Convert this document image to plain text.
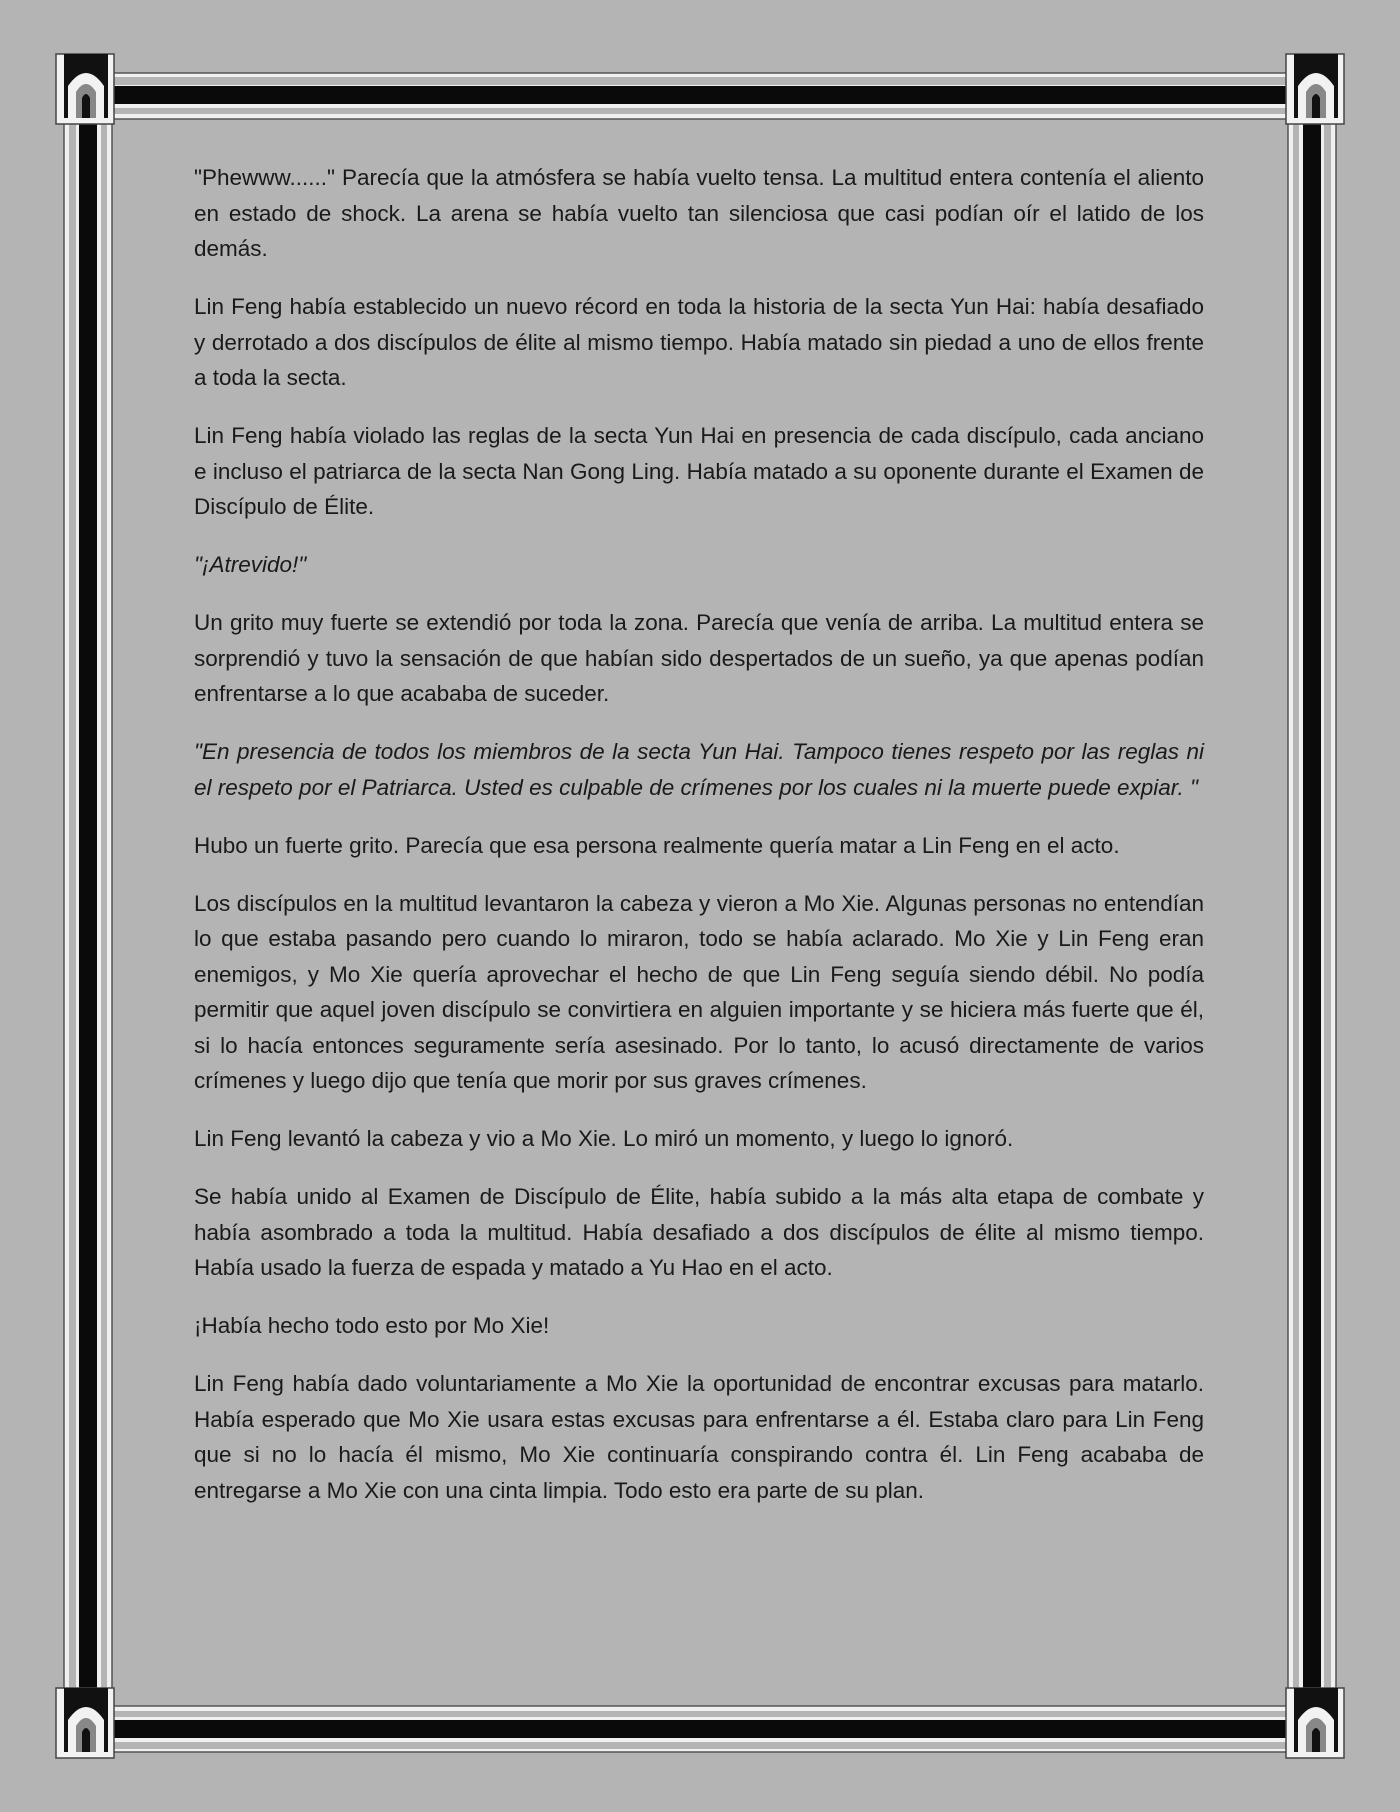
"Phewww......" Parecía que la atmósfera se había vuelto tensa. La multitud entera contenía el aliento en estado de shock. La arena se había vuelto tan silenciosa que casi podían oír el latido de los demás.

Lin Feng había establecido un nuevo récord en toda la historia de la secta Yun Hai: había desafiado y derrotado a dos discípulos de élite al mismo tiempo. Había matado sin piedad a uno de ellos frente a toda la secta.

Lin Feng había violado las reglas de la secta Yun Hai en presencia de cada discípulo, cada anciano e incluso el patriarca de la secta Nan Gong Ling. Había matado a su oponente durante el Examen de Discípulo de Élite.

"¡Atrevido!"

Un grito muy fuerte se extendió por toda la zona. Parecía que venía de arriba. La multitud entera se sorprendió y tuvo la sensación de que habían sido despertados de un sueño, ya que apenas podían enfrentarse a lo que acababa de suceder.

"En presencia de todos los miembros de la secta Yun Hai. Tampoco tienes respeto por las reglas ni el respeto por el Patriarca. Usted es culpable de crímenes por los cuales ni la muerte puede expiar. "

Hubo un fuerte grito. Parecía que esa persona realmente quería matar a Lin Feng en el acto.

Los discípulos en la multitud levantaron la cabeza y vieron a Mo Xie. Algunas personas no entendían lo que estaba pasando pero cuando lo miraron, todo se había aclarado. Mo Xie y Lin Feng eran enemigos, y Mo Xie quería aprovechar el hecho de que Lin Feng seguía siendo débil. No podía permitir que aquel joven discípulo se convirtiera en alguien importante y se hiciera más fuerte que él, si lo hacía entonces seguramente sería asesinado. Por lo tanto, lo acusó directamente de varios crímenes y luego dijo que tenía que morir por sus graves crímenes.

Lin Feng levantó la cabeza y vio a Mo Xie. Lo miró un momento, y luego lo ignoró.

Se había unido al Examen de Discípulo de Élite, había subido a la más alta etapa de combate y había asombrado a toda la multitud. Había desafiado a dos discípulos de élite al mismo tiempo. Había usado la fuerza de espada y matado a Yu Hao en el acto.

¡Había hecho todo esto por Mo Xie!

Lin Feng había dado voluntariamente a Mo Xie la oportunidad de encontrar excusas para matarlo. Había esperado que Mo Xie usara estas excusas para enfrentarse a él. Estaba claro para Lin Feng que si no lo hacía él mismo, Mo Xie continuaría conspirando contra él. Lin Feng acababa de entregarse a Mo Xie con una cinta limpia. Todo esto era parte de su plan.
